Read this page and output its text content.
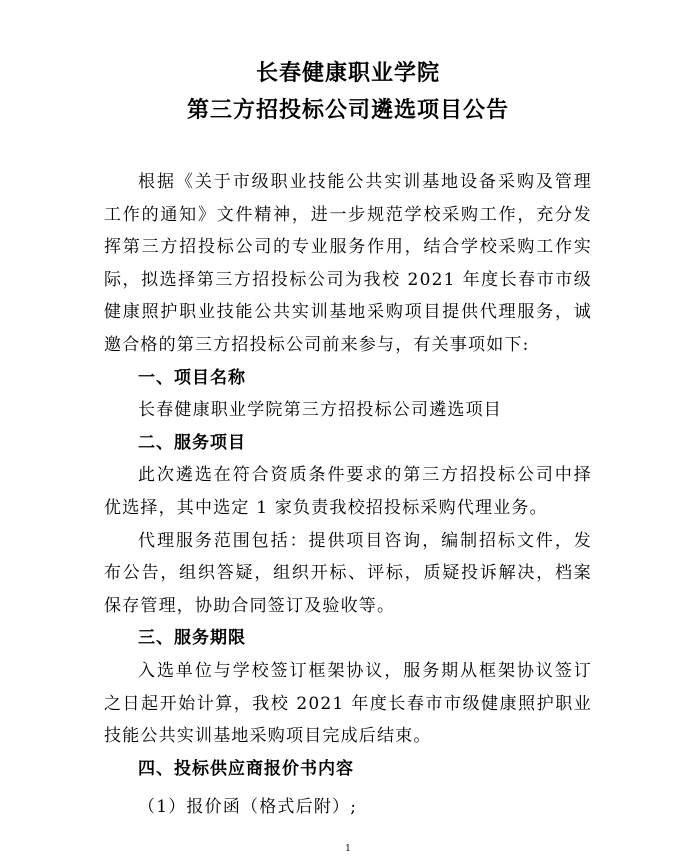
长春健康职业学院
第三方招投标公司遴选项目公告

根据《关于市级职业技能公共实训基地设备采购及管理工作的通知》文件精神，进一步规范学校采购工作，充分发挥第三方招投标公司的专业服务作用，结合学校采购工作实际，拟选择第三方招投标公司为我校 2021 年度长春市市级健康照护职业技能公共实训基地采购项目提供代理服务，诚邀合格的第三方招投标公司前来参与，有关事项如下:

一、项目名称

长春健康职业学院第三方招投标公司遴选项目

二、服务项目

此次遴选在符合资质条件要求的第三方招投标公司中择优选择，其中选定 1 家负责我校招投标采购代理业务。

代理服务范围包括：提供项目咨询，编制招标文件，发布公告，组织答疑，组织开标、评标，质疑投诉解决，档案保存管理，协助合同签订及验收等。

三、服务期限

入选单位与学校签订框架协议，服务期从框架协议签订之日起开始计算，我校 2021 年度长春市市级健康照护职业技能公共实训基地采购项目完成后结束。

四、投标供应商报价书内容

（1）报价函（格式后附）;

1
